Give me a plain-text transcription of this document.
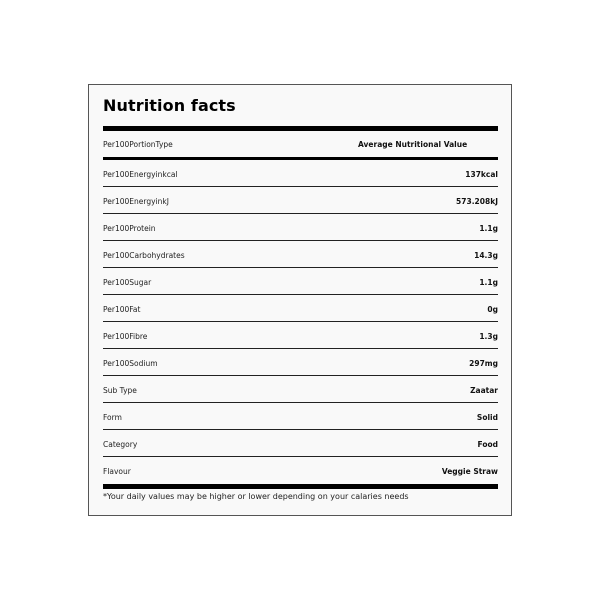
Nutrition facts
Per100PortionType	Average Nutritional Value
Per100Energyinkcal	137kcal
Per100EnergyinkJ	573.208kJ
Per100Protein	1.1g
Per100Carbohydrates	14.3g
Per100Sugar	1.1g
Per100Fat	0g
Per100Fibre	1.3g
Per100Sodium	297mg
Sub Type	Zaatar
Form	Solid
Category	Food
Flavour	Veggie Straw
*Your daily values may be higher or lower depending on your calaries needs
